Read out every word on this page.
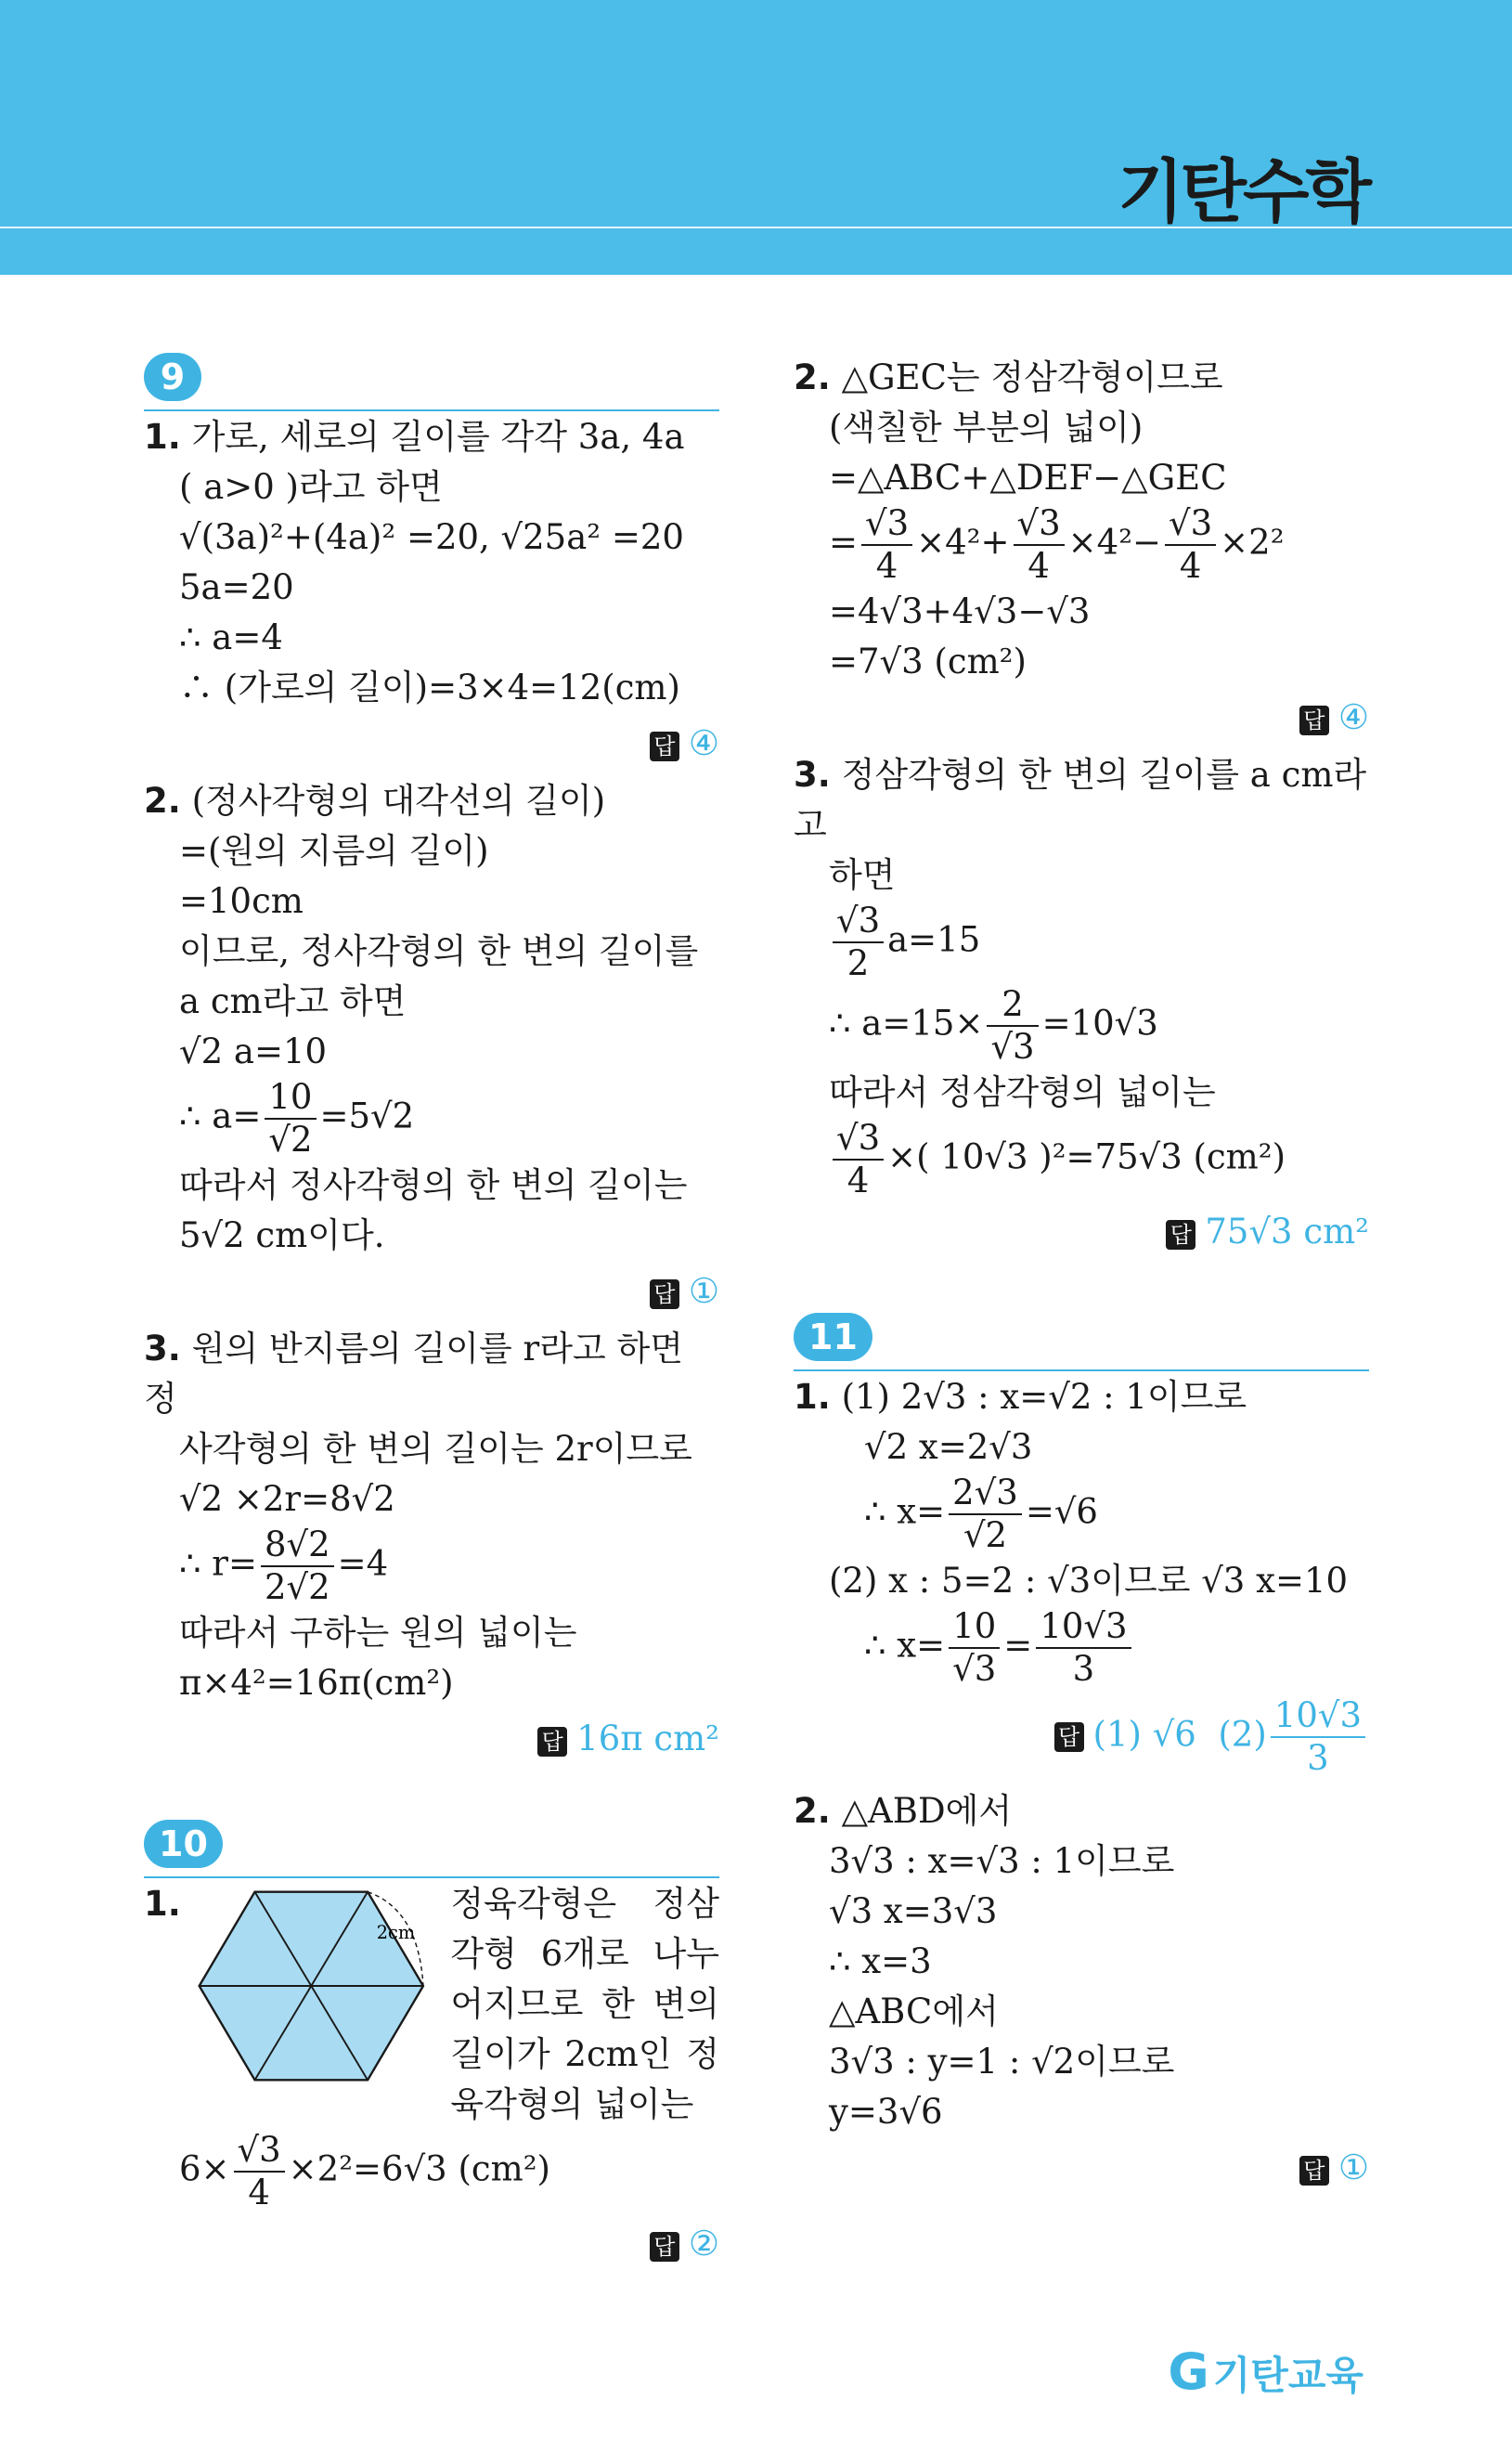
기탄수학
9
1. 가로, 세로의 길이를 각각 3a, 4a
( a>0 )라고 하면
√(3a)²+(4a)² =20, √25a² =20
5a=20
∴ a=4
∴ (가로의 길이)=3×4=12(cm)
답 ④
2. (정사각형의 대각선의 길이)
=(원의 지름의 길이)
=10cm
이므로, 정사각형의 한 변의 길이를
a cm라고 하면
√2 a=10
∴ $a= \frac{10}{√2} =5√2$
따라서 정사각형의 한 변의 길이는
5√2 cm이다.
답 ①
3. 원의 반지름의 길이를 r라고 하면 정
사각형의 한 변의 길이는 2r이므로
√2 ×2r=8√2
∴ $r= \frac{8√2}{2√2} =4$
따라서 구하는 원의 넓이는
π×4²=16π(cm²)
답 16π cm²
10
1.
2cm
정육각형은 정삼각형 6개로 나누어지므로 한 변의 길이가 2cm인 정육각형의 넓이는
$6\times \frac{√3}{4} \times 2^2=6√3$ (cm²)
답 ②
2. △GEC는 정삼각형이므로
(색칠한 부분의 넓이)
=△ABC+△DEF−△GEC
= $\frac{√3}{4} \times 4^2+ \frac{√3}{4} \times 4^2- \frac{√3}{4} \times 2^2$
=4√3+4√3−√3
=7√3 (cm²)
답 ④
3. 정삼각형의 한 변의 길이를 a cm라고
하면
$\frac{√3}{2} a=15$
∴ $a=15\times \frac{2}{√3} =10√3$
따라서 정삼각형의 넓이는
$\frac{√3}{4}$ ×( 10√3 )²=75√3 (cm²)
답 75√3 cm²
11
1. (1) 2√3 : x=√2 : 1이므로
√2 x=2√3
∴ $x= \frac{2√3}{√2} =√6$
(2) x : 5=2 : √3이므로 √3 x=10
∴ $x= \frac{10}{√3} = \frac{10√3}{3}$
답 (1) √6 $(2) \frac{10√3}{3}$
2. △ABD에서
3√3 : x=√3 : 1이므로
√3 x=3√3
∴ x=3
△ABC에서
3√3 : y=1 : √2이므로
y=3√6
답 ①
G기탄교육
